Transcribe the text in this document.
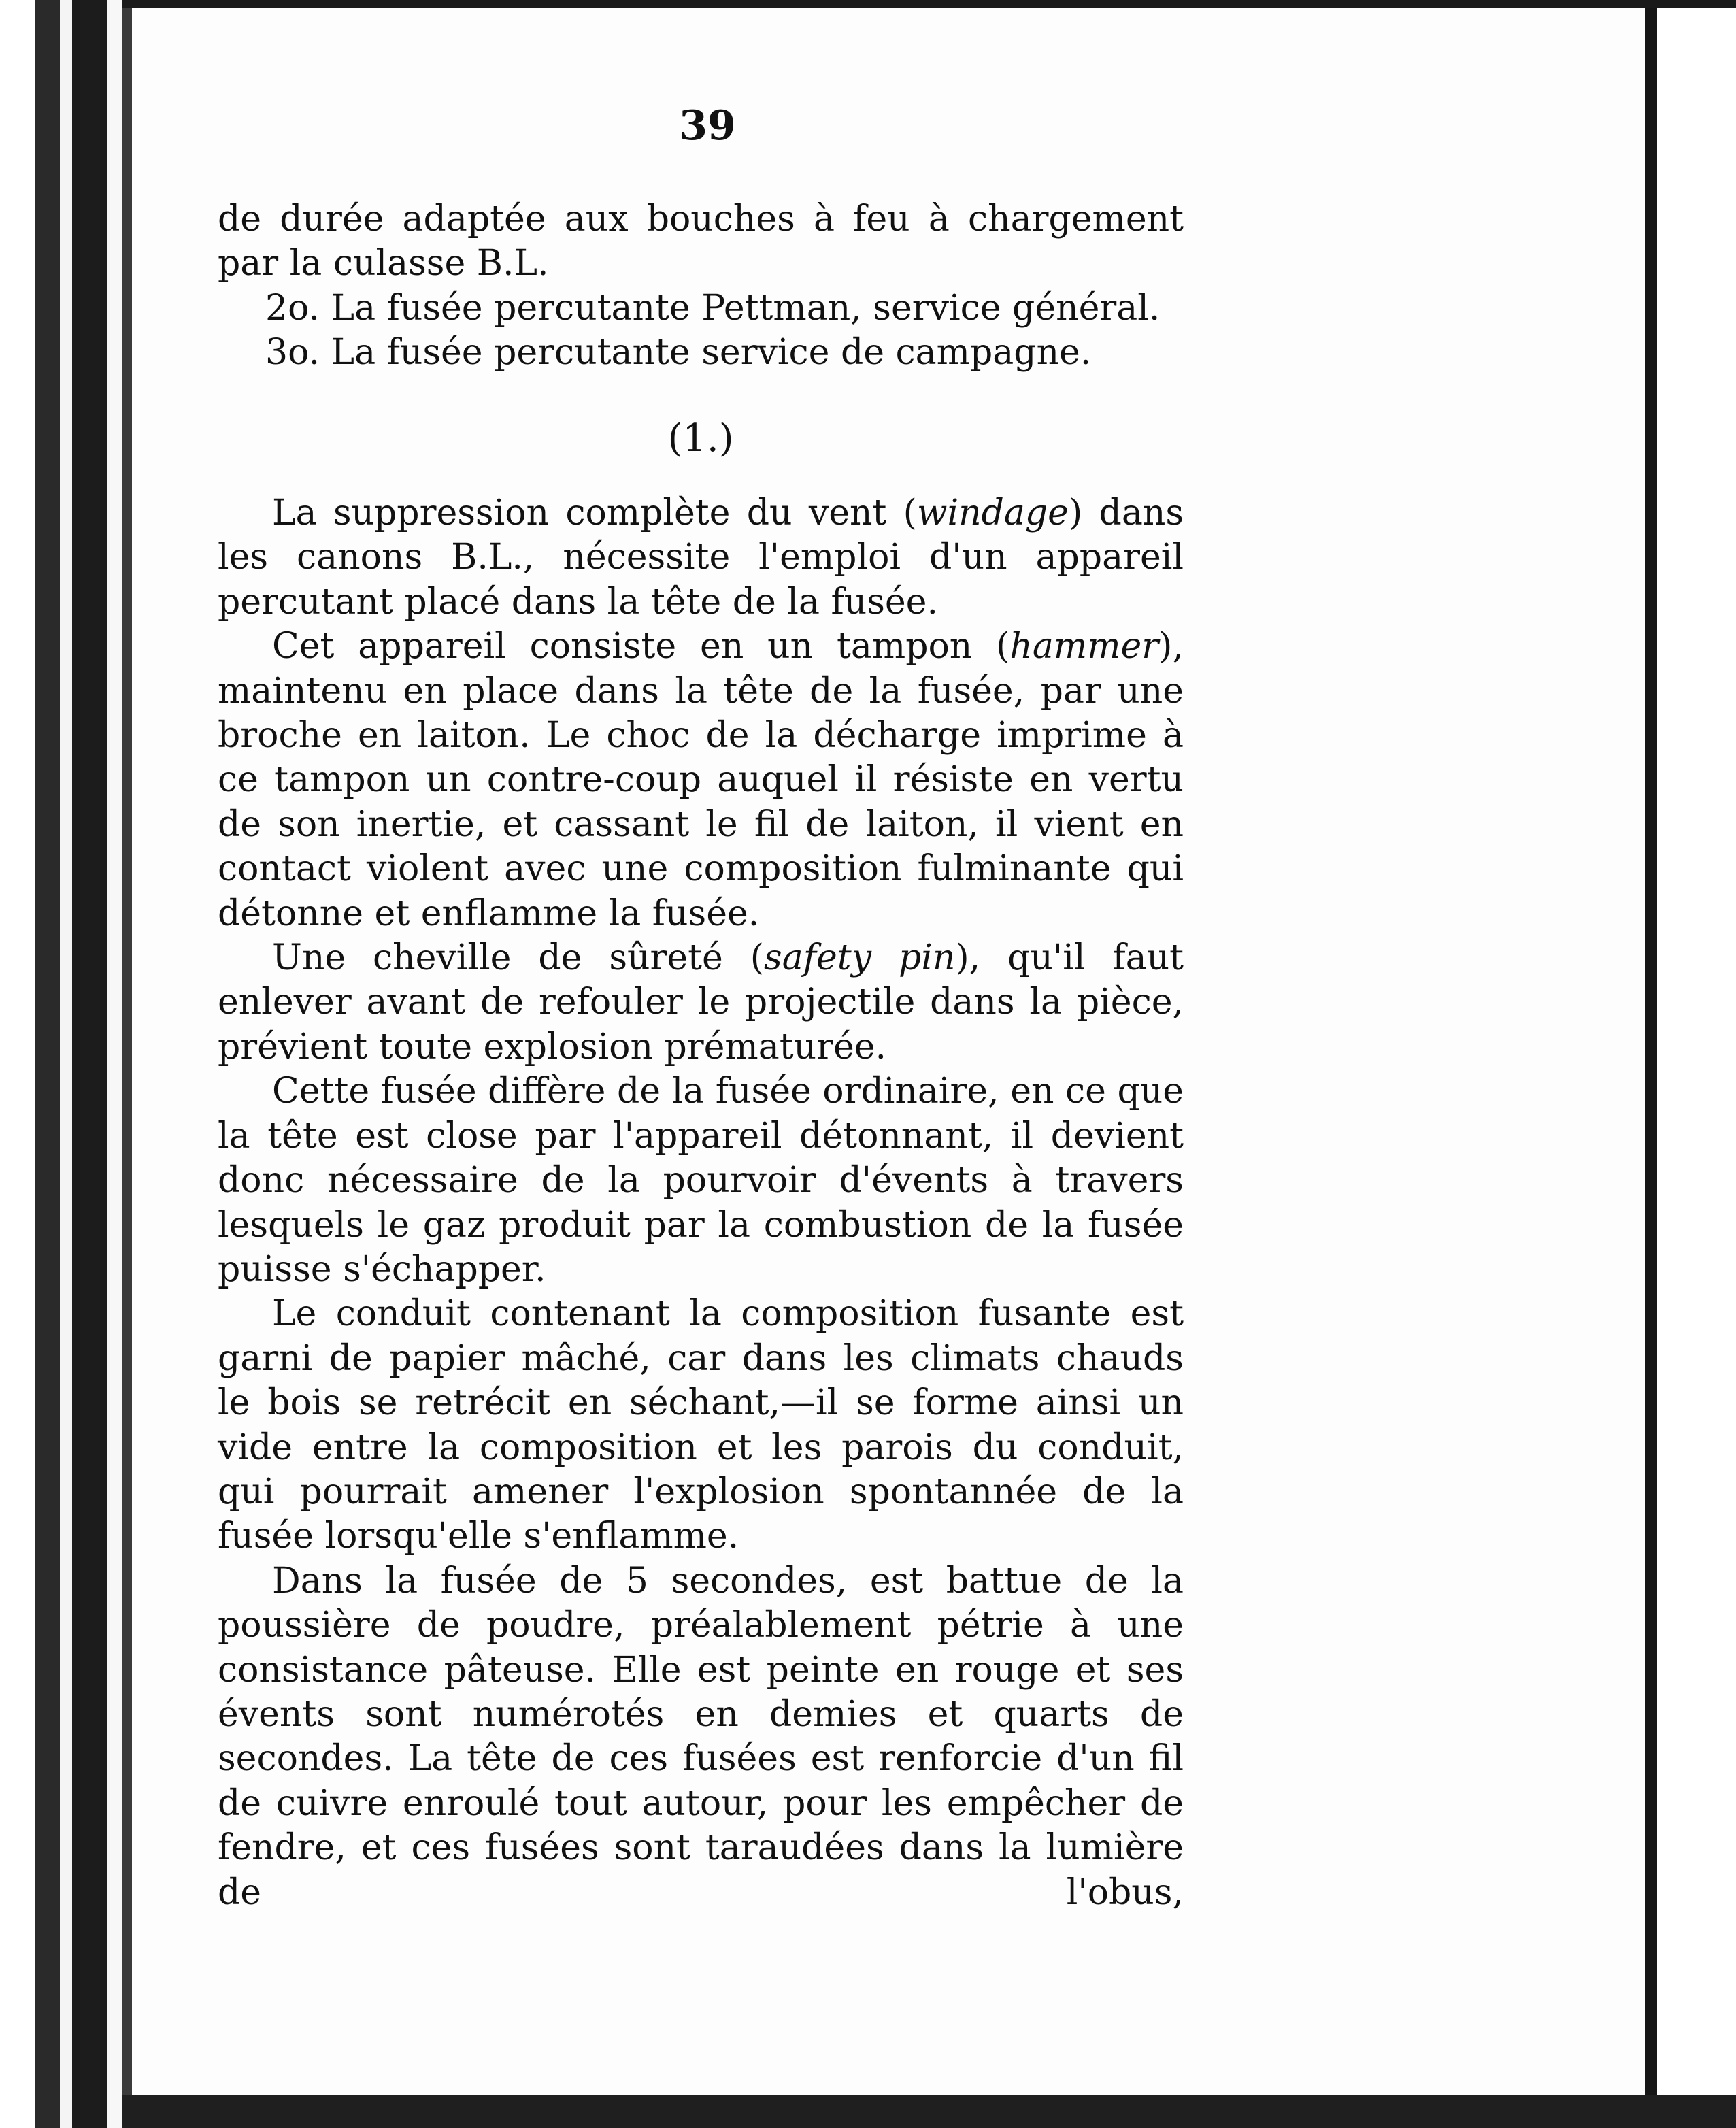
39

de durée adaptée aux bouches à feu à chargement

par la culasse B.L.

2o. La fusée percutante Pettman, service général.

3o. La fusée percutante service de campagne.

(1.)

La suppression complète du vent (windage) dans les canons B.L., nécessite l'emploi d'un appareil percutant placé dans la tête de la fusée.

Cet appareil consiste en un tampon (hammer), maintenu en place dans la tête de la fusée, par une broche en laiton. Le choc de la décharge imprime à ce tampon un contre-coup auquel il résiste en vertu de son inertie, et cassant le fil de laiton, il vient en contact violent avec une composition fulminante qui détonne et enflamme la fusée.

Une cheville de sûreté (safety pin), qu'il faut enlever avant de refouler le projectile dans la pièce, prévient toute explosion prématurée.

Cette fusée diffère de la fusée ordinaire, en ce que la tête est close par l'appareil détonnant, il devient donc nécessaire de la pourvoir d'évents à travers lesquels le gaz produit par la combustion de la fusée puisse s'échapper.

Le conduit contenant la composition fusante est garni de papier mâché, car dans les climats chauds le bois se retrécit en séchant,—il se forme ainsi un vide entre la composition et les parois du conduit, qui pourrait amener l'explosion spontannée de la fusée lorsqu'elle s'enflamme.

Dans la fusée de 5 secondes, est battue de la poussière de poudre, préalablement pétrie à une consistance pâteuse. Elle est peinte en rouge et ses évents sont numérotés en demies et quarts de secondes. La tête de ces fusées est renforcie d'un fil de cuivre enroulé tout autour, pour les empêcher de fendre, et ces fusées sont taraudées dans la lumière de l'obus,
